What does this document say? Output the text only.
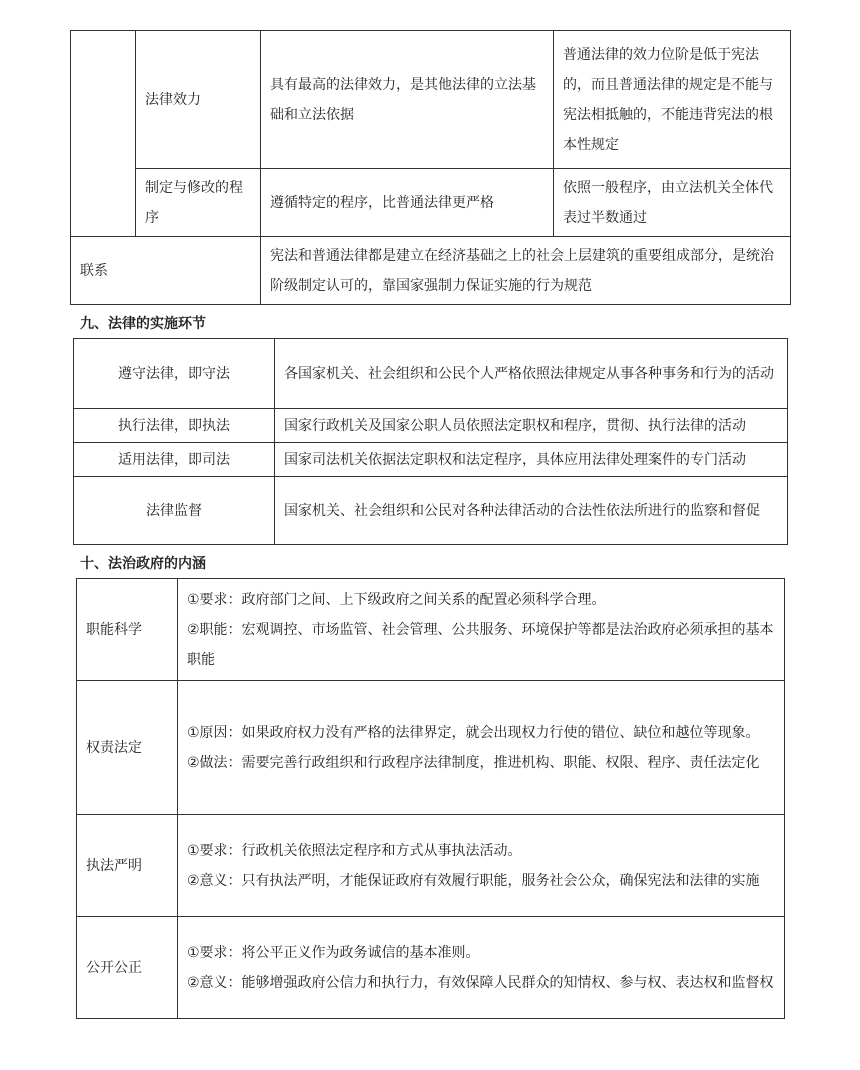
	法律效力	具有最高的法律效力，是其他法律的立法基础和立法依据	普通法律的效力位阶是低于宪法的，而且普通法律的规定是不能与宪法相抵触的，不能违背宪法的根本性规定
	制定与修改的程序	遵循特定的程序，比普通法律更严格	依照一般程序，由立法机关全体代表过半数通过
联系		宪法和普通法律都是建立在经济基础之上的社会上层建筑的重要组成部分，是统治阶级制定认可的，靠国家强制力保证实施的行为规范	
九、法律的实施环节
遵守法律，即守法	各国家机关、社会组织和公民个人严格依照法律规定从事各种事务和行为的活动
执行法律，即执法	国家行政机关及国家公职人员依照法定职权和程序，贯彻、执行法律的活动
适用法律，即司法	国家司法机关依据法定职权和法定程序，具体应用法律处理案件的专门活动
法律监督	国家机关、社会组织和公民对各种法律活动的合法性依法所进行的监察和督促
十、法治政府的内涵
职能科学	①要求：政府部门之间、上下级政府之间关系的配置必须科学合理。
②职能：宏观调控、市场监管、社会管理、公共服务、环境保护等都是法治政府必须承担的基本职能

权责法定	①原因：如果政府权力没有严格的法律界定，就会出现权力行使的错位、缺位和越位等现象。
②做法：需要完善行政组织和行政程序法律制度，推进机构、职能、权限、程序、责任法定化

执法严明	①要求：行政机关依照法定程序和方式从事执法活动。
②意义：只有执法严明，才能保证政府有效履行职能，服务社会公众，确保宪法和法律的实施

公开公正	①要求：将公平正义作为政务诚信的基本准则。
②意义：能够增强政府公信力和执行力，有效保障人民群众的知情权、参与权、表达权和监督权
